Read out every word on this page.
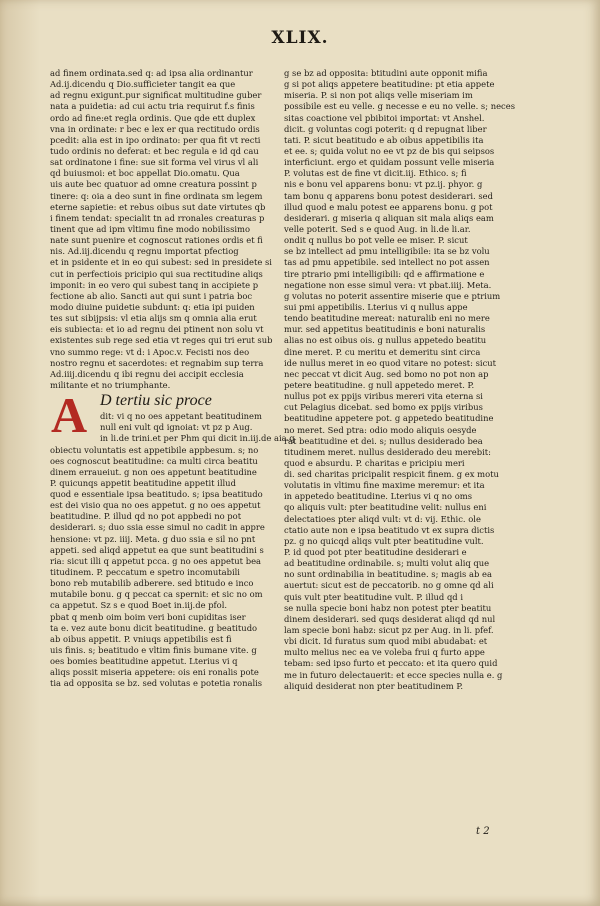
XLIX.
ad finem ordinata.sed q: ad ipsa alia ordinantur
Ad.ij.dicendu q Dio.sufficieter tangit ea que
ad regnu exigunt.pur significat multitudine guber
nata a puidetia: ad cui actu tria requirut f.s finis
ordo ad fine:et regla ordinis. Que qde ett duplex
vna in ordinate: r bec e lex er qua rectitudo ordis
pcedit: alia est in ipo ordinato: per qua fit vt recti
tudo ordinis no deferat: et bec regula e id qd cau
sat ordinatone i fine: sue sit forma vel virus vl ali
qd buiusmoi: et boc appellat Dio.omatu. Qua
uis aute bec quatuor ad omne creatura possint p
tinere: q: oia a deo sunt in fine ordinata sm legem
eterne sapietie: et rebus oibus sut date virtutes qb
i finem tendat: specialit tn ad rronales creaturas p
tinent que ad ipm vltimu fine modo nobilissimo
nate sunt puenire et cognoscut rationes ordis et fi
nis. Ad.iij.dicendu q regnu importat pfectiog
et in psidente et in eo qui subest: sed in presidete si
cut in perfectiois pricipio qui sua rectitudine aliqs
imponit: in eo vero qui subest tanq in accipiete p
fectione ab alio. Sancti aut qui sunt i patria boc
modo diuine puidetie subdunt: q: etia ipi puiden
tes sut sibijpsis: vl etia alijs sm q omnia alia erut
eis subiecta: et io ad regnu dei ptinent non solu vt
existentes sub rege sed etia vt reges qui tri erut sub
vno summo rege: vt d: i Apoc.v. Fecisti nos deo
nostro regnu et sacerdotes: et regnabim sup terra
Ad.iiij.dicendu q ibi regnu dei accipit ecclesia
militante et no triumphante.
A D tertiu sic proce
dit: vi q no oes appetant beatitudinem
null eni vult qd ignoiat: vt pz p Aug.
in li.de trini.et per Phm qui dicit in.iij.de aia.q
obiectu voluntatis est appetibile appbesum. s; no
oes cognoscut beatitudine: ca multi circa beatitu
dinem erraueiut. g non oes appetunt beatitudine
P. quicunqs appetit beatitudine appetit illud
quod e essentiale ipsa beatitudo. s; ipsa beatitudo
est dei visio qua no oes appetut. g no oes appetut
beatitudine. P. illud qd no pot appbedi no pot
desiderari. s; duo ssia esse simul no cadit in appre
hensione: vt pz. iiij. Meta. g duo ssia e sil no pnt
appeti. sed aliqd appetut ea que sunt beatitudini s
ria: sicut illi q appetut pcca. g no oes appetut bea
titudinem. P. peccatum e spetro incomutabili
bono reb mutabilib adberere. sed btitudo e inco
mutabile bonu. g q peccat ca spernit: et sic no om
ca appetut. Sz s e quod Boet in.iij.de pfol.
pbat q menb oim boim veri boni cupiditas iser
ta e. vez aute bonu dicit beatitudine. g beatitudo
ab oibus appetit. P. vniuqs appetibilis est fi
uis finis. s; beatitudo e vltim finis bumane vite. g
oes bomies beatitudine appetut. Lterius vi q
aliqs possit miseria appetere: ois eni ronalis pote
tia ad opposita se bz. sed volutas e potetia ronalis
g se bz ad opposita: btitudini aute opponit mifia
g si pot aliqs appetere beatitudine: pt etia appete
miseria. P. si non pot aliqs velle miseriam im
possibile est eu velle. g necesse e eu no velle. s; neces
sitas coactione vel pbibitoi importat: vt Anshel.
dicit. g voluntas cogi poterit: q d repugnat liber
tati. P. sicut beatitudo e ab oibus appetibilis ita
et ee. s; quida volut no ee vt pz de bis qui seipsos
interficiunt. ergo et quidam possunt velle miseria
P. volutas est de fine vt dicit.iij. Ethico. s; fi
nis e bonu vel apparens bonu: vt pz.ij. phyor. g
tam bonu q apparens bonu potest desiderari. sed
illud quod e malu potest ee apparens bonu. g pot
desiderari. g miseria q aliquan sit mala aliqs eam
velle poterit. Sed s e quod Aug. in li.de li.ar.
ondit q nullus bo pot velle ee miser. P. sicut
se bz intellect ad pmu intelligibile: ita se bz volu
tas ad pmu appetibile. sed intellect no pot assen
tire ptrario pmi intelligibili: qd e affirmatione e
negatione non esse simul vera: vt pbat.iiij. Meta.
g volutas no poterit assentire miserie que e ptrium
sui pmi appetibilis. Lterius vi q nullus appe
tendo beatitudine mereat: naturalib eni no mere
mur. sed appetitus beatitudinis e boni naturalis
alias no est oibus ois. g nullus appetedo beatitu
dine meret. P. cu meritu et demeritu sint circa
ide nullus meret in eo quod vitare no potest: sicut
nec peccat vt dicit Aug. sed bomo no pot non ap
petere beatitudine. g null appetedo meret. P.
nullus pot ex ppijs viribus mereri vita eterna si
cut Pelagius dicebat. sed bomo ex ppijs viribus
beatitudine appetere pot. g appetedo beatitudine
no meret. Sed ptra: odio modo aliquis oesyde
rat beatitudine et dei. s; nullus desiderado bea
titudinem meret. nullus desiderado deu merebit:
quod e absurdu. P. charitas e pricipiu meri
di. sed charitas pricipalit respicit finem. g ex motu
volutatis in vltimu fine maxime meremur: et ita
in appetedo beatitudine. Lterius vi q no oms
qo aliquis vult: pter beatitudine velit: nullus eni
delectatioes pter aliqd vult: vt d: vij. Ethic. ole
ctatio aute non e ipsa beatitudo vt ex supra dictis
pz. g no quicqd aliqs vult pter beatitudine vult.
P. id quod pot pter beatitudine desiderari e
ad beatitudine ordinabile. s; multi volut aliq que
no sunt ordinabilia in beatitudine. s; magis ab ea
auertut: sicut est de peccatorib. no g omne qd ali
quis vult pter beatitudine vult. P. illud qd i
se nulla specie boni habz non potest pter beatitu
dinem desiderari. sed quqs desiderat aliqd qd nul
lam specie boni habz: sicut pz per Aug. in li. pfef.
vbi dicit. Id furatus sum quod mibi abudabat: et
multo melius nec ea ve voleba frui q furto appe
tebam: sed ipso furto et peccato: et ita quero quid
me in futuro delectauerit: et ecce species nulla e. g
aliquid desiderat non pter beatitudinem P.
t 2
